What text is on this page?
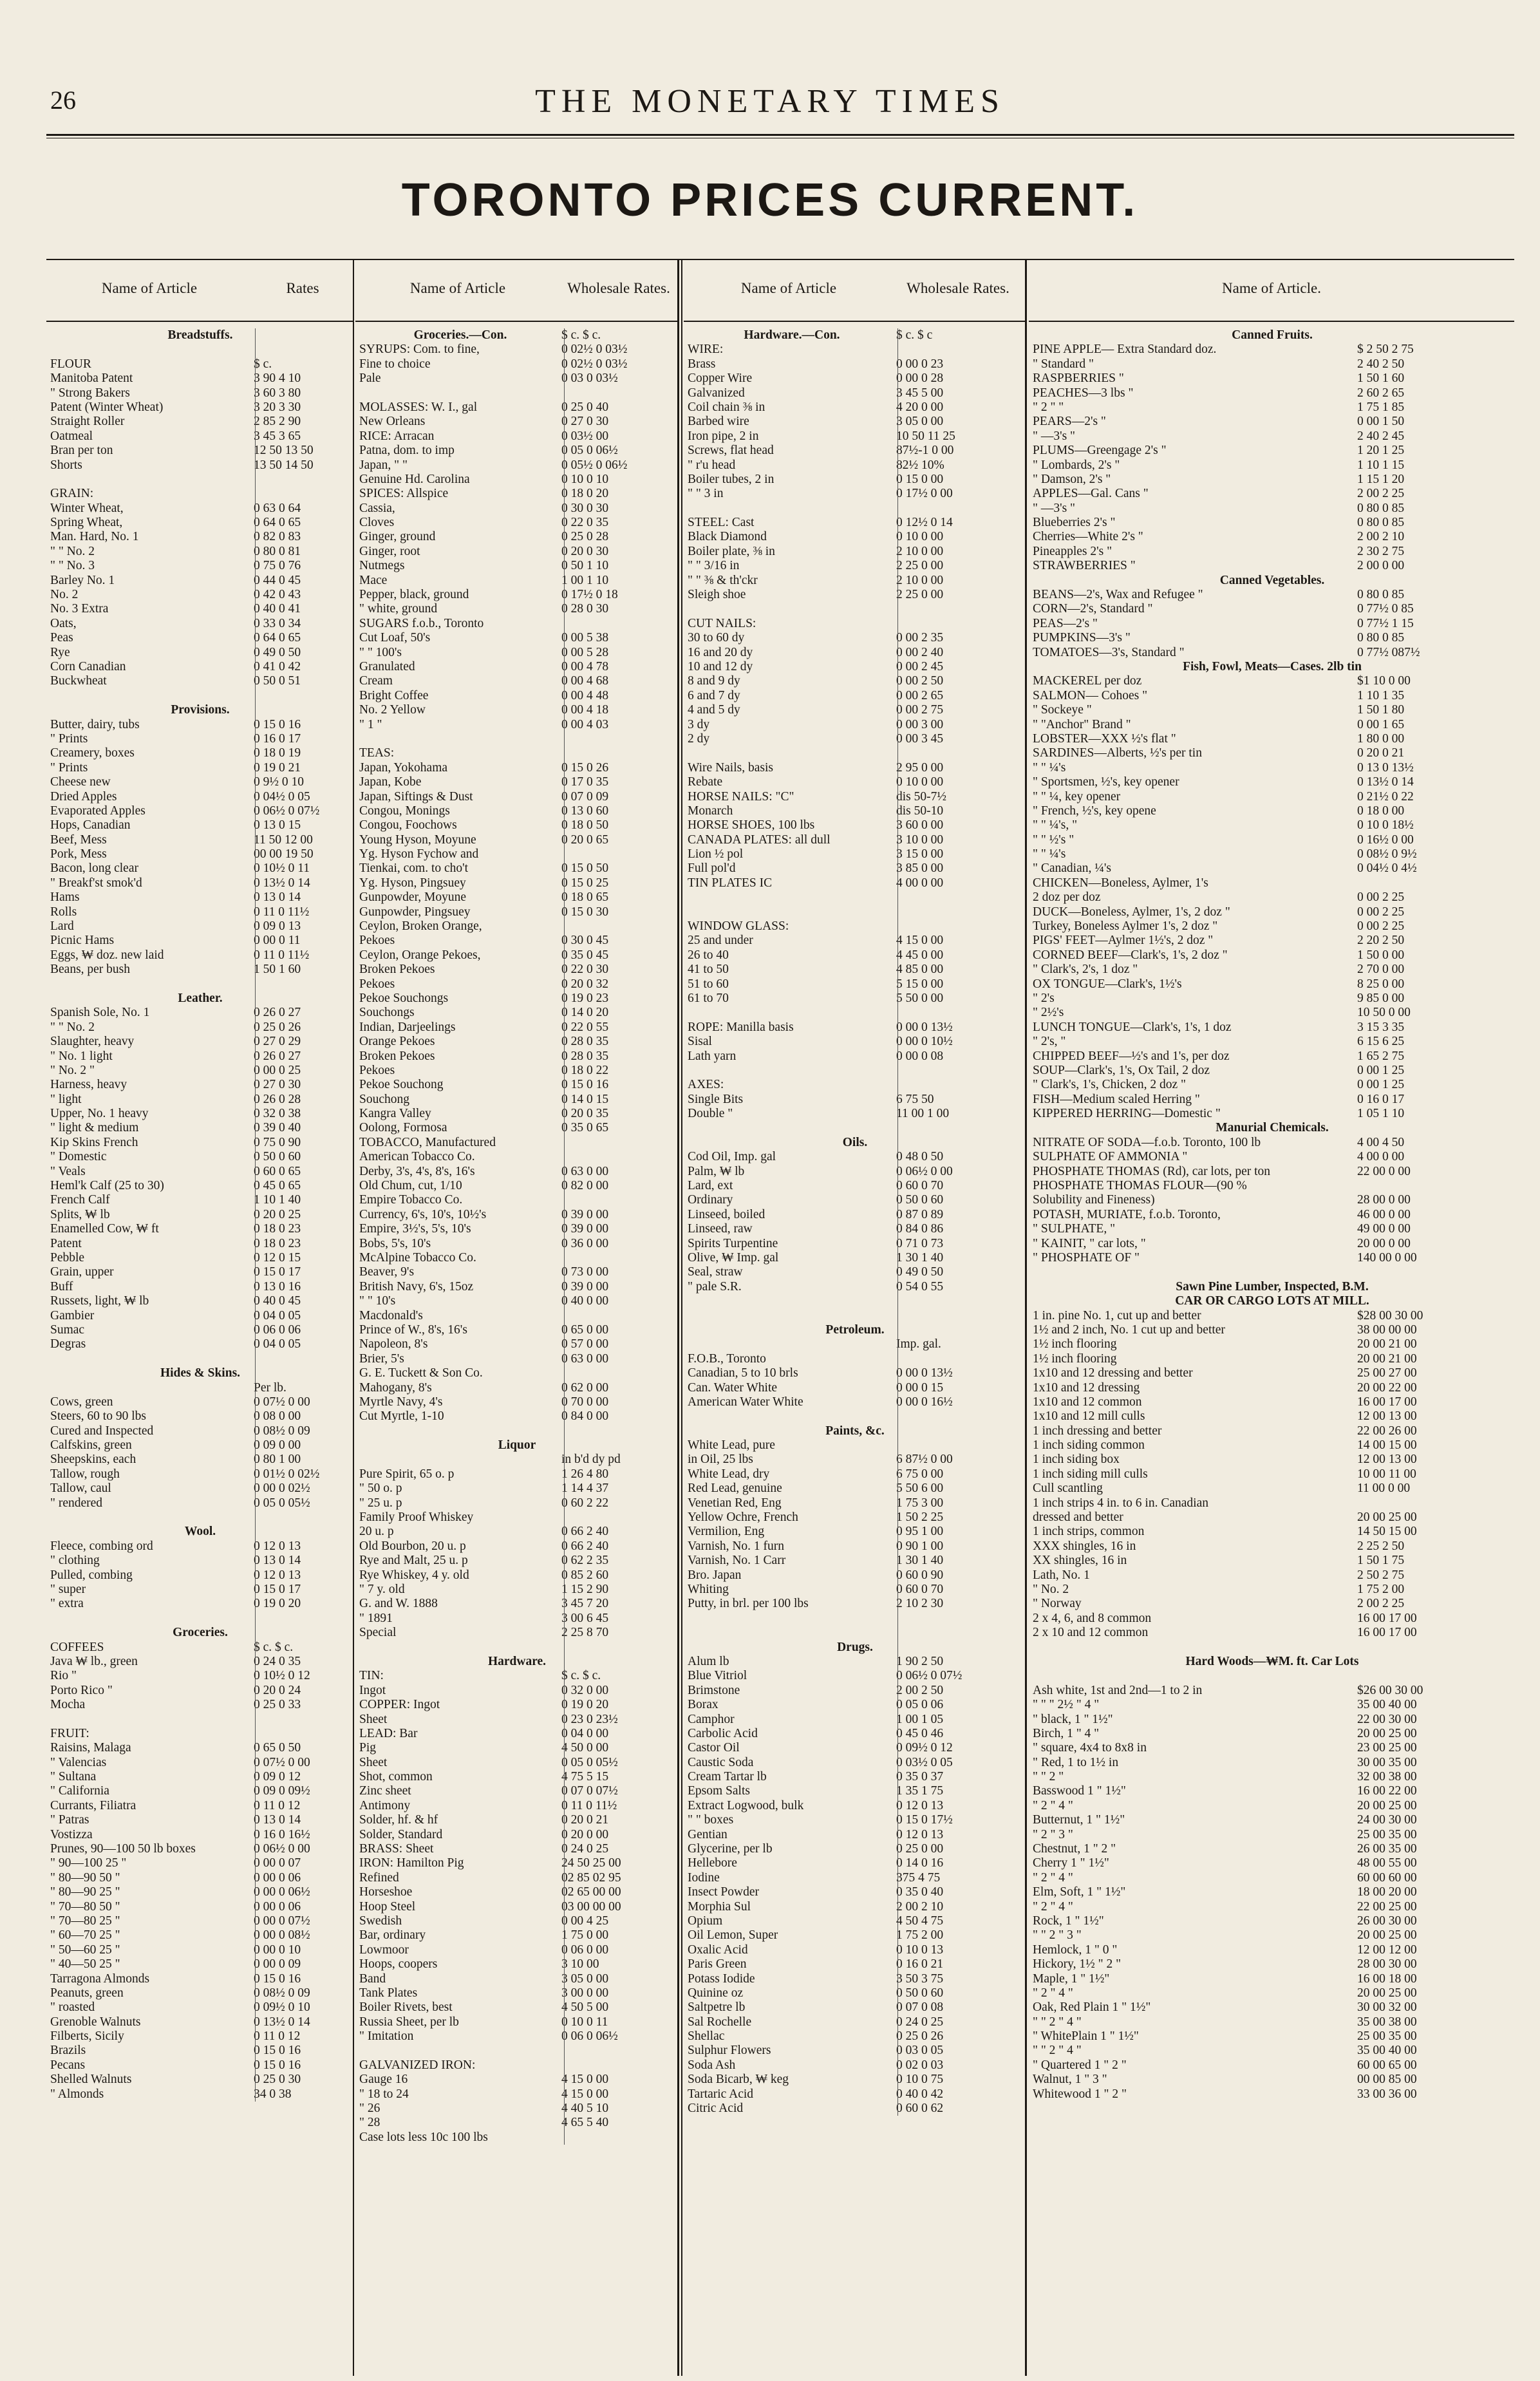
26	THE MONETARY TIMES
TORONTO PRICES CURRENT.
Name of Article	Rates
Breadstuffs.
FLOUR	$ c.
Manitoba Patent	3 90 4 10
" Strong Bakers	3 60 3 80
Patent (Winter Wheat)	3 20 3 30
Straight Roller	2 85 2 90
Oatmeal	3 45 3 65
Bran per ton	12 50 13 50
Shorts	13 50 14 50
GRAIN:
Winter Wheat,	0 63 0 64
Spring Wheat,	0 64 0 65
Man. Hard, No. 1	0 82 0 83
" " No. 2	0 80 0 81
" " No. 3	0 75 0 76
Barley No. 1	0 44 0 45
No. 2	0 42 0 43
No. 3 Extra	0 40 0 41
Oats,	0 33 0 34
Peas	0 64 0 65
Rye	0 49 0 50
Corn Canadian	0 41 0 42
Buckwheat	0 50 0 51
Provisions.
Butter, dairy, tubs	0 15 0 16
" Prints	0 16 0 17
Creamery, boxes	0 18 0 19
" Prints	0 19 0 21
Cheese new	0 9½ 0 10
Dried Apples	0 04½ 0 05
Evaporated Apples	0 06½ 0 07½
Hops, Canadian	0 13 0 15
Beef, Mess	11 50 12 00
Pork, Mess	00 00 19 50
Bacon, long clear	0 10½ 0 11
" Breakf'st smok'd	0 13½ 0 14
Hams	0 13 0 14
Rolls	0 11 0 11½
Lard	0 09 0 13
Picnic Hams	0 00 0 11
Eggs, ₩ doz. new laid	0 11 0 11½
Beans, per bush	1 50 1 60
Leather.
Spanish Sole, No. 1	0 26 0 27
" " No. 2	0 25 0 26
Slaughter, heavy	0 27 0 29
" No. 1 light	0 26 0 27
" No. 2 "	0 00 0 25
Harness, heavy	0 27 0 30
" light	0 26 0 28
Upper, No. 1 heavy	0 32 0 38
" light & medium	0 39 0 40
Kip Skins French	0 75 0 90
" Domestic	0 50 0 60
" Veals	0 60 0 65
Heml'k Calf (25 to 30)	0 45 0 65
French Calf	1 10 1 40
Splits, ₩ lb	0 20 0 25
Enamelled Cow, ₩ ft	0 18 0 23
Patent	0 18 0 23
Pebble	0 12 0 15
Grain, upper	0 15 0 17
Buff	0 13 0 16
Russets, light, ₩ lb	0 40 0 45
Gambier	0 04 0 05
Sumac	0 06 0 06
Degras	0 04 0 05
Hides & Skins.
Per lb.
Cows, green	0 07½ 0 00
Steers, 60 to 90 lbs	0 08 0 00
Cured and Inspected	0 08½ 0 09
Calfskins, green	0 09 0 00
Sheepskins, each	0 80 1 00
Tallow, rough	0 01½ 0 02½
Tallow, caul	0 00 0 02½
" rendered	0 05 0 05½
Wool.
Fleece, combing ord	0 12 0 13
" clothing	0 13 0 14
Pulled, combing	0 12 0 13
" super	0 15 0 17
" extra	0 19 0 20
Groceries.
COFFEES	$ c. $ c.
Java ₩ lb., green	0 24 0 35
Rio "	0 10½ 0 12
Porto Rico "	0 20 0 24
Mocha	0 25 0 33
FRUIT:
Raisins, Malaga	0 65 0 50
" Valencias	0 07½ 0 00
" Sultana	0 09 0 12
" California	0 09 0 09½
Currants, Filiatra	0 11 0 12
" Patras	0 13 0 14
Vostizza	0 16 0 16½
Prunes, 90—100 50 lb boxes	0 06½ 0 00
" 90—100 25 "	0 00 0 07
" 80—90 50 "	0 00 0 06
" 80—90 25 "	0 00 0 06½
" 70—80 50 "	0 00 0 06
" 70—80 25 "	0 00 0 07½
" 60—70 25 "	0 00 0 08½
" 50—60 25 "	0 00 0 10
" 40—50 25 "	0 00 0 09
Tarragona Almonds	0 15 0 16
Peanuts, green	0 08½ 0 09
" roasted	0 09½ 0 10
Grenoble Walnuts	0 13½ 0 14
Filberts, Sicily	0 11 0 12
Brazils	0 15 0 16
Pecans	0 15 0 16
Shelled Walnuts	0 25 0 30
" Almonds	34 0 38
Name of Article	Wholesale Rates.
Groceries.—Con.	$ c. $ c.
SYRUPS: Com. to fine,	0 02½ 0 03½
Fine to choice	0 02½ 0 03½
Pale	0 03 0 03½
MOLASSES: W. I., gal	0 25 0 40
New Orleans	0 27 0 30
RICE: Arracan	0 03½ 00
Patna, dom. to imp	0 05 0 06½
Japan, " "	0 05½ 0 06½
Genuine Hd. Carolina	0 10 0 10
SPICES: Allspice	0 18 0 20
Cassia,	0 30 0 30
Cloves	0 22 0 35
Ginger, ground	0 25 0 28
Ginger, root	0 20 0 30
Nutmegs	0 50 1 10
Mace	1 00 1 10
Pepper, black, ground	0 17½ 0 18
" white, ground	0 28 0 30
SUGARS f.o.b., Toronto
Cut Loaf, 50's	0 00 5 38
" " 100's	0 00 5 28
Granulated	0 00 4 78
Cream	0 00 4 68
Bright Coffee	0 00 4 48
No. 2 Yellow	0 00 4 18
" 1 "	0 00 4 03
TEAS:
Japan, Yokohama	0 15 0 26
Japan, Kobe	0 17 0 35
Japan, Siftings & Dust	0 07 0 09
Congou, Monings	0 13 0 60
Congou, Foochows	0 18 0 50
Young Hyson, Moyune	0 20 0 65
Yg. Hyson Fychow and
Tienkai, com. to cho't	0 15 0 50
Yg. Hyson, Pingsuey	0 15 0 25
Gunpowder, Moyune	0 18 0 65
Gunpowder, Pingsuey	0 15 0 30
Ceylon, Broken Orange,
Pekoes	0 30 0 45
Ceylon, Orange Pekoes,	0 35 0 45
Broken Pekoes	0 22 0 30
Pekoes	0 20 0 32
Pekoe Souchongs	0 19 0 23
Souchongs	0 14 0 20
Indian, Darjeelings	0 22 0 55
Orange Pekoes	0 28 0 35
Broken Pekoes	0 28 0 35
Pekoes	0 18 0 22
Pekoe Souchong	0 15 0 16
Souchong	0 14 0 15
Kangra Valley	0 20 0 35
Oolong, Formosa	0 35 0 65
TOBACCO, Manufactured
American Tobacco Co.
Derby, 3's, 4's, 8's, 16's	0 63 0 00
Old Chum, cut, 1/10	0 82 0 00
Empire Tobacco Co.
Currency, 6's, 10's, 10½'s	0 39 0 00
Empire, 3½'s, 5's, 10's	0 39 0 00
Bobs, 5's, 10's	0 36 0 00
McAlpine Tobacco Co.
Beaver, 9's	0 73 0 00
British Navy, 6's, 15oz	0 39 0 00
" " 10's	0 40 0 00
Macdonald's
Prince of W., 8's, 16's	0 65 0 00
Napoleon, 8's	0 57 0 00
Brier, 5's	0 63 0 00
G. E. Tuckett & Son Co.
Mahogany, 8's	0 62 0 00
Myrtle Navy, 4's	0 70 0 00
Cut Myrtle, 1-10	0 84 0 00
Liquor
in b'd dy pd
Pure Spirit, 65 o. p	1 26 4 80
" 50 o. p	1 14 4 37
" 25 u. p	0 60 2 22
Family Proof Whiskey
20 u. p	0 66 2 40
Old Bourbon, 20 u. p	0 66 2 40
Rye and Malt, 25 u. p	0 62 2 35
Rye Whiskey, 4 y. old	0 85 2 60
" 7 y. old	1 15 2 90
G. and W. 1888	3 45 7 20
" 1891	3 00 6 45
Special	2 25 8 70
Hardware.
TIN:	$ c. $ c.
Ingot	0 32 0 00
COPPER: Ingot	0 19 0 20
Sheet	0 23 0 23½
LEAD: Bar	0 04 0 00
Pig	4 50 0 00
Sheet	0 05 0 05½
Shot, common	4 75 5 15
Zinc sheet	0 07 0 07½
Antimony	0 11 0 11½
Solder, hf. & hf	0 20 0 21
Solder, Standard	0 20 0 00
BRASS: Sheet	0 24 0 25
IRON: Hamilton Pig	24 50 25 00
Refined	02 85 02 95
Horseshoe	02 65 00 00
Hoop Steel	03 00 00 00
Swedish	0 00 4 25
Bar, ordinary	1 75 0 00
Lowmoor	0 06 0 00
Hoops, coopers	3 10 00
Band	3 05 0 00
Tank Plates	3 00 0 00
Boiler Rivets, best	4 50 5 00
Russia Sheet, per lb	0 10 0 11
" Imitation	0 06 0 06½
GALVANIZED IRON:
Gauge 16	4 15 0 00
" 18 to 24	4 15 0 00
" 26	4 40 5 10
" 28	4 65 5 40
Case lots less 10c 100 lbs
Name of Article	Wholesale Rates.
Hardware.—Con.	$ c. $ c
WIRE:
Brass	0 00 0 23
Copper Wire	0 00 0 28
Galvanized	3 45 5 00
Coil chain ⅜ in	4 20 0 00
Barbed wire	3 05 0 00
Iron pipe, 2 in	10 50 11 25
Screws, flat head	87½-1 0 00
" r'u head	82½ 10%
Boiler tubes, 2 in	0 15 0 00
" " 3 in	0 17½ 0 00
STEEL: Cast	0 12½ 0 14
Black Diamond	0 10 0 00
Boiler plate, ⅜ in	2 10 0 00
" " 3/16 in	2 25 0 00
" " ⅜ & th'ckr	2 10 0 00
Sleigh shoe	2 25 0 00
CUT NAILS:
30 to 60 dy	0 00 2 35
16 and 20 dy	0 00 2 40
10 and 12 dy	0 00 2 45
8 and 9 dy	0 00 2 50
6 and 7 dy	0 00 2 65
4 and 5 dy	0 00 2 75
3 dy	0 00 3 00
2 dy	0 00 3 45
Wire Nails, basis	2 95 0 00
Rebate	0 10 0 00
HORSE NAILS: "C"	dis 50-7½
Monarch	dis 50-10
HORSE SHOES, 100 lbs	3 60 0 00
CANADA PLATES: all dull	3 10 0 00
Lion ½ pol	3 15 0 00
Full pol'd	3 85 0 00
TIN PLATES IC	4 00 0 00
WINDOW GLASS:
25 and under	4 15 0 00
26 to 40	4 45 0 00
41 to 50	4 85 0 00
51 to 60	5 15 0 00
61 to 70	5 50 0 00
ROPE: Manilla basis	0 00 0 13½
Sisal	0 00 0 10½
Lath yarn	0 00 0 08
AXES:
Single Bits	6 75 50
Double "	11 00 1 00
Oils.
Cod Oil, Imp. gal	0 48 0 50
Palm, ₩ lb	0 06½ 0 00
Lard, ext	0 60 0 70
Ordinary	0 50 0 60
Linseed, boiled	0 87 0 89
Linseed, raw	0 84 0 86
Spirits Turpentine	0 71 0 73
Olive, ₩ Imp. gal	1 30 1 40
Seal, straw	0 49 0 50
" pale S.R.	0 54 0 55
Petroleum.
Imp. gal.
F.O.B., Toronto
Canadian, 5 to 10 brls	0 00 0 13½
Can. Water White	0 00 0 15
American Water White	0 00 0 16½
Paints, &c.
White Lead, pure
in Oil, 25 lbs	6 87½ 0 00
White Lead, dry	6 75 0 00
Red Lead, genuine	5 50 6 00
Venetian Red, Eng	1 75 3 00
Yellow Ochre, French	1 50 2 25
Vermilion, Eng	0 95 1 00
Varnish, No. 1 furn	0 90 1 00
Varnish, No. 1 Carr	1 30 1 40
Bro. Japan	0 60 0 90
Whiting	0 60 0 70
Putty, in brl. per 100 lbs	2 10 2 30
Drugs.
Alum lb	1 90 2 50
Blue Vitriol	0 06½ 0 07½
Brimstone	2 00 2 50
Borax	0 05 0 06
Camphor	1 00 1 05
Carbolic Acid	0 45 0 46
Castor Oil	0 09½ 0 12
Caustic Soda	0 03½ 0 05
Cream Tartar lb	0 35 0 37
Epsom Salts	1 35 1 75
Extract Logwood, bulk	0 12 0 13
" " boxes	0 15 0 17½
Gentian	0 12 0 13
Glycerine, per lb	0 25 0 00
Hellebore	0 14 0 16
Iodine	375 4 75
Insect Powder	0 35 0 40
Morphia Sul	2 00 2 10
Opium	4 50 4 75
Oil Lemon, Super	1 75 2 00
Oxalic Acid	0 10 0 13
Paris Green	0 16 0 21
Potass Iodide	3 50 3 75
Quinine oz	0 50 0 60
Saltpetre lb	0 07 0 08
Sal Rochelle	0 24 0 25
Shellac	0 25 0 26
Sulphur Flowers	0 03 0 05
Soda Ash	0 02 0 03
Soda Bicarb, ₩ keg	0 10 0 75
Tartaric Acid	0 40 0 42
Citric Acid	0 60 0 62
Name of Article.
Canned Fruits.
PINE APPLE— Extra Standard doz.	$ 2 50 2 75
" Standard "	2 40 2 50
RASPBERRIES "	1 50 1 60
PEACHES—3 lbs "	2 60 2 65
" 2 " "	1 75 1 85
PEARS—2's "	0 00 1 50
" —3's "	2 40 2 45
PLUMS—Greengage 2's "	1 20 1 25
" Lombards, 2's "	1 10 1 15
" Damson, 2's "	1 15 1 20
APPLES—Gal. Cans "	2 00 2 25
" —3's "	0 80 0 85
Blueberries 2's "	0 80 0 85
Cherries—White 2's "	2 00 2 10
Pineapples 2's "	2 30 2 75
STRAWBERRIES "	2 00 0 00
Canned Vegetables.
BEANS—2's, Wax and Refugee "	0 80 0 85
CORN—2's, Standard "	0 77½ 0 85
PEAS—2's "	0 77½ 1 15
PUMPKINS—3's "	0 80 0 85
TOMATOES—3's, Standard "	0 77½ 087½
Fish, Fowl, Meats—Cases. 2lb tin
MACKEREL per doz	$1 10 0 00
SALMON— Cohoes "	1 10 1 35
" Sockeye "	1 50 1 80
" "Anchor" Brand "	0 00 1 65
LOBSTER—XXX ½'s flat "	1 80 0 00
SARDINES—Alberts, ½'s per tin	0 20 0 21
" " ¼'s	0 13 0 13½
" Sportsmen, ½'s, key opener	0 13½ 0 14
" " ¼, key opener	0 21½ 0 22
" French, ½'s, key opene	0 18 0 00
" " ¼'s, "	0 10 0 18½
" " ½'s "	0 16½ 0 00
" " ¼'s	0 08½ 0 9½
" Canadian, ¼'s	0 04½ 0 4½
CHICKEN—Boneless, Aylmer, 1's
2 doz per doz	0 00 2 25
DUCK—Boneless, Aylmer, 1's, 2 doz "	0 00 2 25
Turkey, Boneless Aylmer 1's, 2 doz "	0 00 2 25
PIGS' FEET—Aylmer 1½'s, 2 doz "	2 20 2 50
CORNED BEEF—Clark's, 1's, 2 doz "	1 50 0 00
" Clark's, 2's, 1 doz "	2 70 0 00
OX TONGUE—Clark's, 1½'s	8 25 0 00
" 2's	9 85 0 00
" 2½'s	10 50 0 00
LUNCH TONGUE—Clark's, 1's, 1 doz	3 15 3 35
" 2's, "	6 15 6 25
CHIPPED BEEF—½'s and 1's, per doz	1 65 2 75
SOUP—Clark's, 1's, Ox Tail, 2 doz	0 00 1 25
" Clark's, 1's, Chicken, 2 doz "	0 00 1 25
FISH—Medium scaled Herring "	0 16 0 17
KIPPERED HERRING—Domestic "	1 05 1 10
Manurial Chemicals.
NITRATE OF SODA—f.o.b. Toronto, 100 lb	4 00 4 50
SULPHATE OF AMMONIA "	4 00 0 00
PHOSPHATE THOMAS (Rd), car lots, per ton	22 00 0 00
PHOSPHATE THOMAS FLOUR—(90 %
Solubility and Fineness)	28 00 0 00
POTASH, MURIATE, f.o.b. Toronto,	46 00 0 00
" SULPHATE, "	49 00 0 00
" KAINIT, " car lots, "	20 00 0 00
" PHOSPHATE OF "	140 00 0 00
Sawn Pine Lumber, Inspected, B.M.
CAR OR CARGO LOTS AT MILL.
1 in. pine No. 1, cut up and better	$28 00 30 00
1½ and 2 inch, No. 1 cut up and better	38 00 00 00
1½ inch flooring	20 00 21 00
1½ inch flooring	20 00 21 00
1x10 and 12 dressing and better	25 00 27 00
1x10 and 12 dressing	20 00 22 00
1x10 and 12 common	16 00 17 00
1x10 and 12 mill culls	12 00 13 00
1 inch dressing and better	22 00 26 00
1 inch siding common	14 00 15 00
1 inch siding box	12 00 13 00
1 inch siding mill culls	10 00 11 00
Cull scantling	11 00 0 00
1 inch strips 4 in. to 6 in. Canadian
dressed and better	20 00 25 00
1 inch strips, common	14 50 15 00
XXX shingles, 16 in	2 25 2 50
XX shingles, 16 in	1 50 1 75
Lath, No. 1	2 50 2 75
" No. 2	1 75 2 00
" Norway	2 00 2 25
2 x 4, 6, and 8 common	16 00 17 00
2 x 10 and 12 common	16 00 17 00
Hard Woods—₩M. ft. Car Lots
Ash white, 1st and 2nd—1 to 2 in	$26 00 30 00
" " " 2½ " 4 "	35 00 40 00
" black, 1 " 1½"	22 00 30 00
Birch, 1 " 4 "	20 00 25 00
" square, 4x4 to 8x8 in	23 00 25 00
" Red, 1 to 1½ in	30 00 35 00
" " 2 "	32 00 38 00
Basswood 1 " 1½"	16 00 22 00
" 2 " 4 "	20 00 25 00
Butternut, 1 " 1½"	24 00 30 00
" 2 " 3 "	25 00 35 00
Chestnut, 1 " 2 "	26 00 35 00
Cherry 1 " 1½"	48 00 55 00
" 2 " 4 "	60 00 60 00
Elm, Soft, 1 " 1½"	18 00 20 00
" 2 " 4 "	22 00 25 00
Rock, 1 " 1½"	26 00 30 00
" " 2 " 3 "	20 00 25 00
Hemlock, 1 " 0 "	12 00 12 00
Hickory, 1½ " 2 "	28 00 30 00
Maple, 1 " 1½"	16 00 18 00
" 2 " 4 "	20 00 25 00
Oak, Red Plain 1 " 1½"	30 00 32 00
" " 2 " 4 "	35 00 38 00
" WhitePlain 1 " 1½"	25 00 35 00
" " 2 " 4 "	35 00 40 00
" Quartered 1 " 2 "	60 00 65 00
Walnut, 1 " 3 "	00 00 85 00
Whitewood 1 " 2 "	33 00 36 00
